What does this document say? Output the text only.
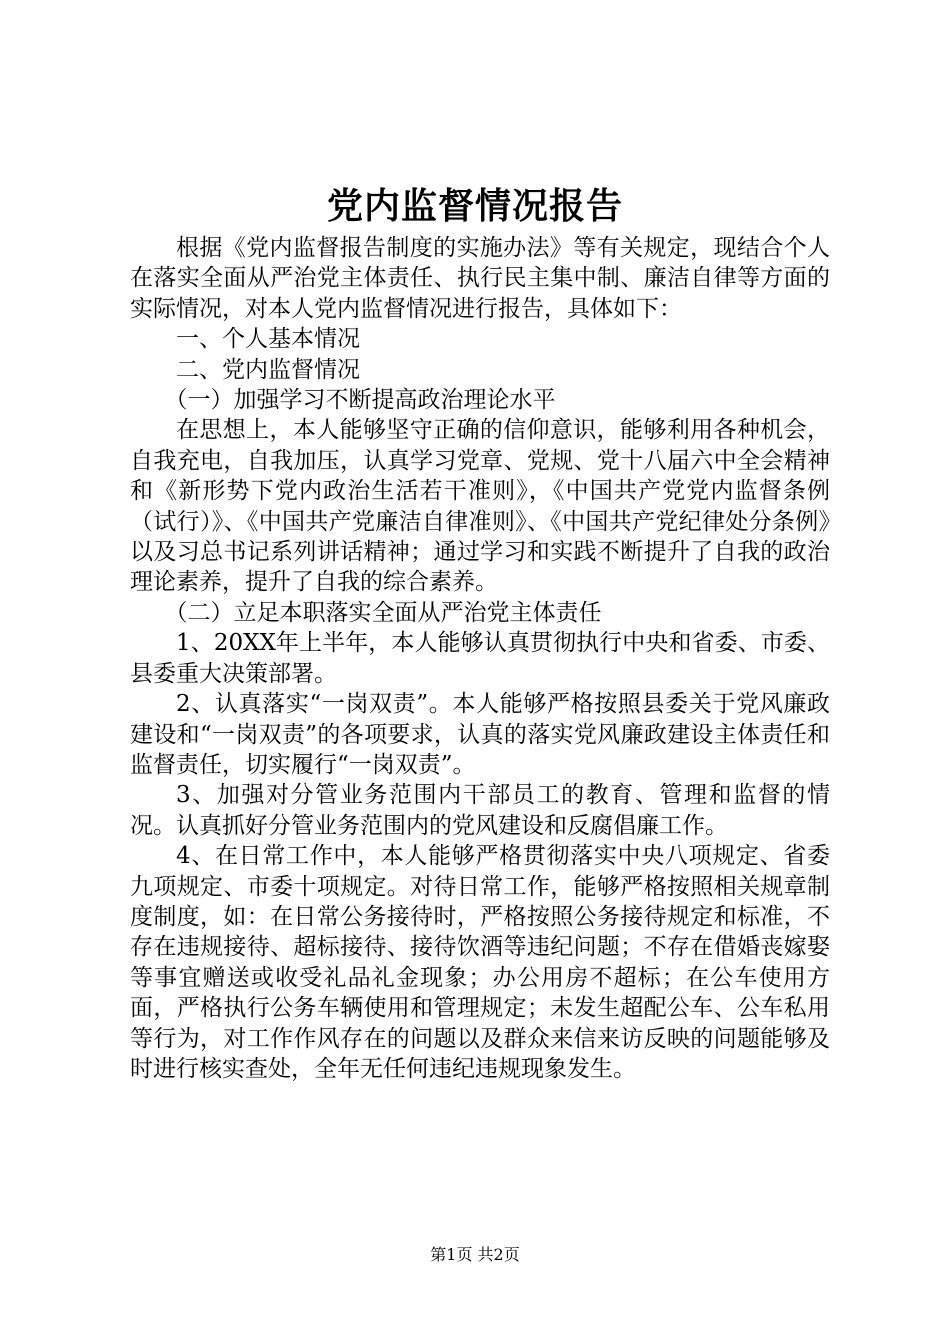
党内监督情况报告

根据《党内监督报告制度的实施办法》等有关规定，现结合个人在落实全面从严治党主体责任、执行民主集中制、廉洁自律等方面的实际情况，对本人党内监督情况进行报告，具体如下：

一、个人基本情况

二、党内监督情况

（一）加强学习不断提高政治理论水平

在思想上，本人能够坚守正确的信仰意识，能够利用各种机会，自我充电，自我加压，认真学习党章、党规、党十八届六中全会精神和《新形势下党内政治生活若干准则》，《中国共产党党内监督条例（试行）》、《中国共产党廉洁自律准则》、《中国共产党纪律处分条例》以及习总书记系列讲话精神；通过学习和实践不断提升了自我的政治理论素养，提升了自我的综合素养。

（二）立足本职落实全面从严治党主体责任

1、20XX年上半年，本人能够认真贯彻执行中央和省委、市委、县委重大决策部署。

2、认真落实“一岗双责”。本人能够严格按照县委关于党风廉政建设和“一岗双责”的各项要求，认真的落实党风廉政建设主体责任和监督责任，切实履行“一岗双责”。

3、加强对分管业务范围内干部员工的教育、管理和监督的情况。认真抓好分管业务范围内的党风建设和反腐倡廉工作。

4、在日常工作中，本人能够严格贯彻落实中央八项规定、省委九项规定、市委十项规定。对待日常工作，能够严格按照相关规章制度制度，如：在日常公务接待时，严格按照公务接待规定和标准，不存在违规接待、超标接待、接待饮酒等违纪问题；不存在借婚丧嫁娶等事宜赠送或收受礼品礼金现象；办公用房不超标；在公车使用方面，严格执行公务车辆使用和管理规定；未发生超配公车、公车私用等行为，对工作作风存在的问题以及群众来信来访反映的问题能够及时进行核实查处，全年无任何违纪违规现象发生。

第1页 共2页
